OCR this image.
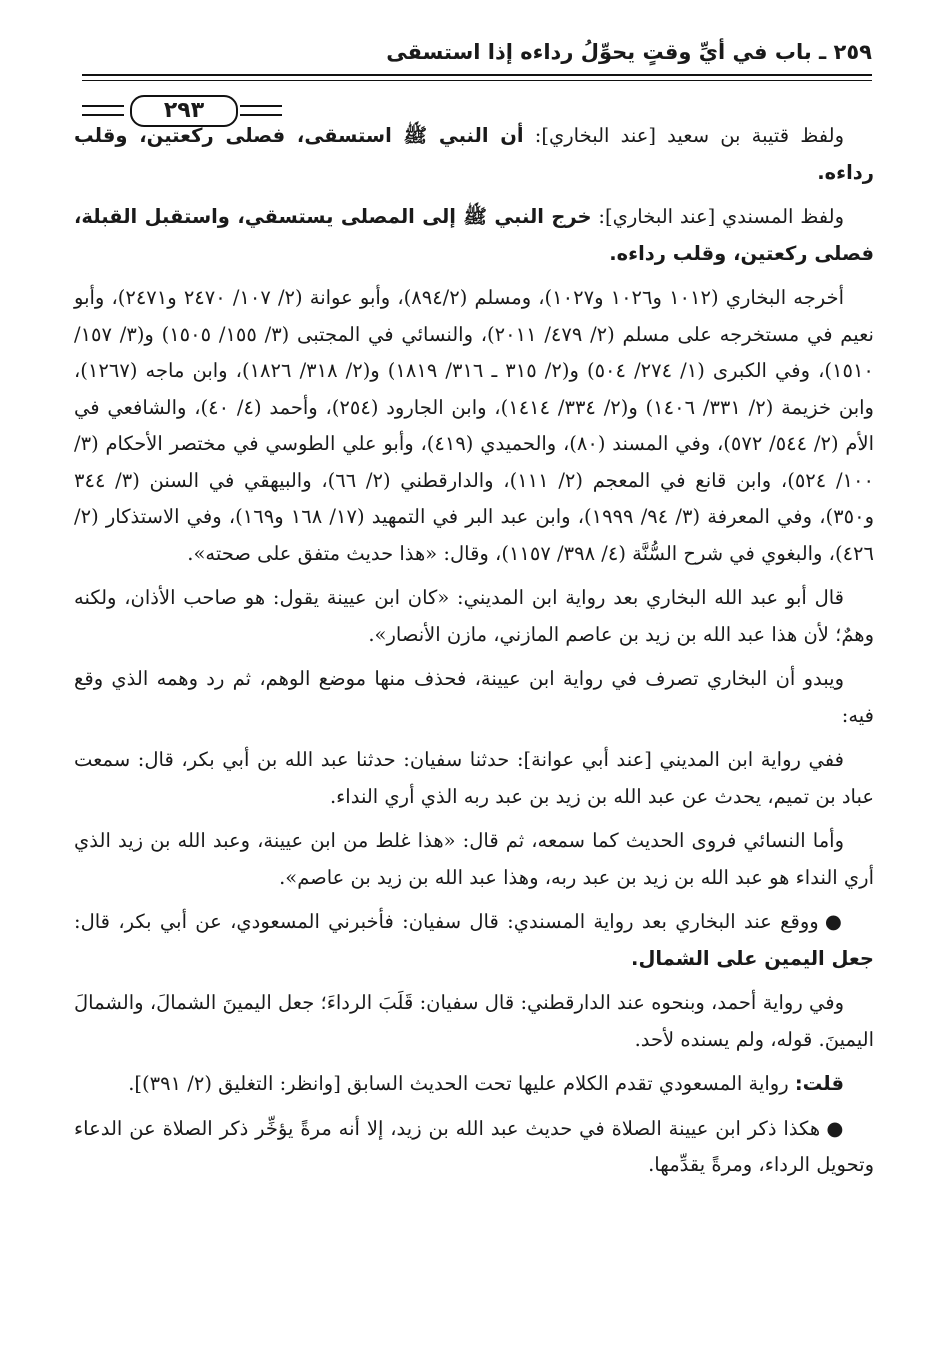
٢٥٩ ـ باب في أيِّ وقتٍ يحوِّلُ رداءه إذا استسقى
٢٩٣

ولفظ قتيبة بن سعيد [عند البخاري]: أن النبي ﷺ استسقى، فصلى ركعتين، وقلب رداءه.

ولفظ المسندي [عند البخاري]: خرج النبي ﷺ إلى المصلى يستسقي، واستقبل القبلة، فصلى ركعتين، وقلب رداءه.

أخرجه البخاري (١٠١٢ و١٠٢٦ و١٠٢٧)، ومسلم (٨٩٤/٢)، وأبو عوانة (٢/ ١٠٧/ ٢٤٧٠ و٢٤٧١)، وأبو نعيم في مستخرجه على مسلم (٢/ ٤٧٩/ ٢٠١١)، والنسائي في المجتبى (٣/ ١٥٥/ ١٥٠٥) و(٣/ ١٥٧/ ١٥١٠)، وفي الكبرى (١/ ٢٧٤/ ٥٠٤) و(٢/ ٣١٥ ـ ٣١٦/ ١٨١٩) و(٢/ ٣١٨/ ١٨٢٦)، وابن ماجه (١٢٦٧)، وابن خزيمة (٢/ ٣٣١/ ١٤٠٦) و(٢/ ٣٣٤/ ١٤١٤)، وابن الجارود (٢٥٤)، وأحمد (٤/ ٤٠)، والشافعي في الأم (٢/ ٥٤٤/ ٥٧٢)، وفي المسند (٨٠)، والحميدي (٤١٩)، وأبو علي الطوسي في مختصر الأحكام (٣/ ١٠٠/ ٥٢٤)، وابن قانع في المعجم (٢/ ١١١)، والدارقطني (٢/ ٦٦)، والبيهقي في السنن (٣/ ٣٤٤ و٣٥٠)، وفي المعرفة (٣/ ٩٤/ ١٩٩٩)، وابن عبد البر في التمهيد (١٧/ ١٦٨ و١٦٩)، وفي الاستذكار (٢/ ٤٢٦)، والبغوي في شرح السُّنَّة (٤/ ٣٩٨/ ١١٥٧)، وقال: «هذا حديث متفق على صحته».

قال أبو عبد الله البخاري بعد رواية ابن المديني: «كان ابن عيينة يقول: هو صاحب الأذان، ولكنه وهمٌ؛ لأن هذا عبد الله بن زيد بن عاصم المازني، مازن الأنصار».

ويبدو أن البخاري تصرف في رواية ابن عيينة، فحذف منها موضع الوهم، ثم رد وهمه الذي وقع فيه:

ففي رواية ابن المديني [عند أبي عوانة]: حدثنا سفيان: حدثنا عبد الله بن أبي بكر، قال: سمعت عباد بن تميم، يحدث عن عبد الله بن زيد بن عبد ربه الذي أري النداء.

وأما النسائي فروى الحديث كما سمعه، ثم قال: «هذا غلط من ابن عيينة، وعبد الله بن زيد الذي أري النداء هو عبد الله بن زيد بن عبد ربه، وهذا عبد الله بن زيد بن عاصم».

● ووقع عند البخاري بعد رواية المسندي: قال سفيان: فأخبرني المسعودي، عن أبي بكر، قال: جعل اليمين على الشمال.

وفي رواية أحمد، وبنحوه عند الدارقطني: قال سفيان: قَلَبَ الرداءَ؛ جعل اليمينَ الشمالَ، والشمالَ اليمينَ. قوله، ولم يسنده لأحد.

قلت: رواية المسعودي تقدم الكلام عليها تحت الحديث السابق [وانظر: التغليق (٢/ ٣٩١)].

● هكذا ذكر ابن عيينة الصلاة في حديث عبد الله بن زيد، إلا أنه مرةً يؤخِّر ذكر الصلاة عن الدعاء وتحويل الرداء، ومرةً يقدِّمها.
